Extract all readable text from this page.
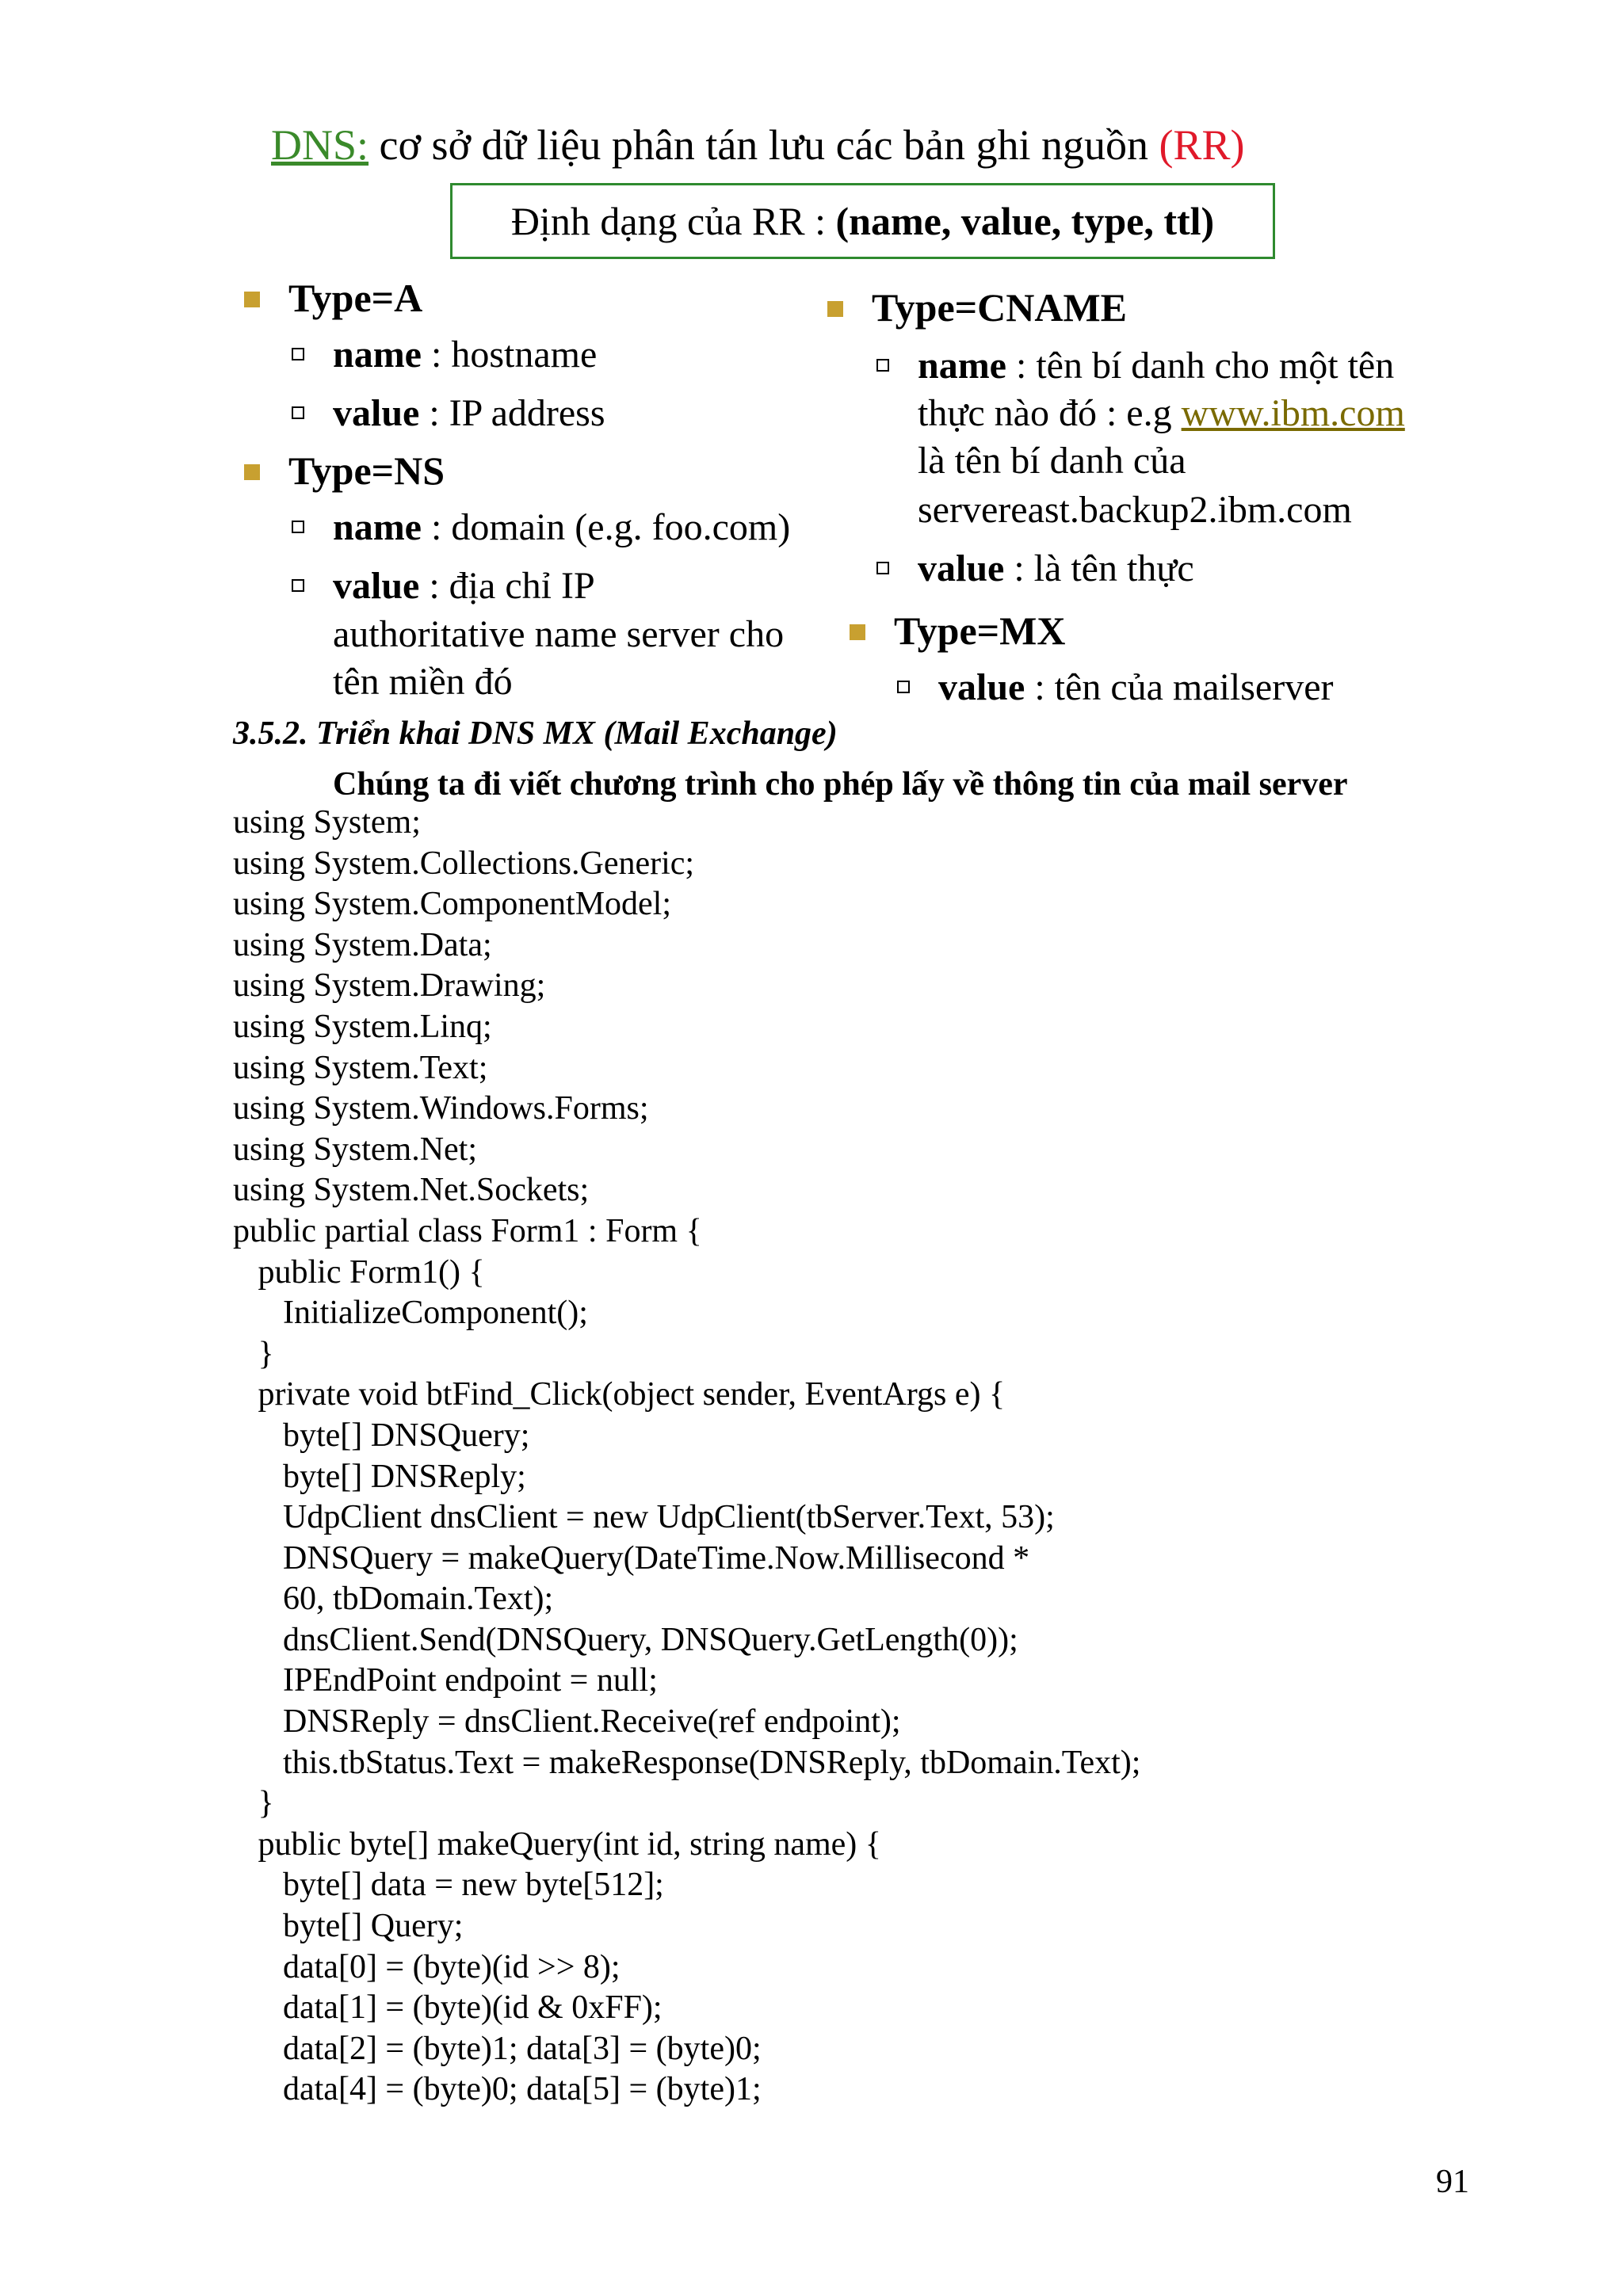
DNS: cơ sở dữ liệu phân tán lưu các bản ghi nguồn (RR)
Định dạng của RR : (name, value, type, ttl)
Type=A
name : hostname
value : IP address
Type=NS
name : domain (e.g. foo.com)
value : địa chỉ IP
authoritative name server cho
tên miền đó
Type=CNAME
name : tên bí danh cho một tên
thực nào đó : e.g www.ibm.com
là tên bí danh của
servereast.backup2.ibm.com
value : là tên thực
Type=MX
value : tên của mailserver
3.5.2. Triển khai DNS MX (Mail Exchange)
Chúng ta đi viết chương trình cho phép lấy về thông tin của mail server
using System;
using System.Collections.Generic;
using System.ComponentModel;
using System.Data;
using System.Drawing;
using System.Linq;
using System.Text;
using System.Windows.Forms;
using System.Net;
using System.Net.Sockets;
public partial class Form1 : Form {
public Form1() {
InitializeComponent();
}
private void btFind_Click(object sender, EventArgs e) {
byte[] DNSQuery;
byte[] DNSReply;
UdpClient dnsClient = new UdpClient(tbServer.Text, 53);
DNSQuery = makeQuery(DateTime.Now.Millisecond *
60, tbDomain.Text);
dnsClient.Send(DNSQuery, DNSQuery.GetLength(0));
IPEndPoint endpoint = null;
DNSReply = dnsClient.Receive(ref endpoint);
this.tbStatus.Text = makeResponse(DNSReply, tbDomain.Text);
}
public byte[] makeQuery(int id, string name) {
byte[] data = new byte[512];
byte[] Query;
data[0] = (byte)(id >> 8);
data[1] = (byte)(id & 0xFF);
data[2] = (byte)1; data[3] = (byte)0;
data[4] = (byte)0; data[5] = (byte)1;
91
